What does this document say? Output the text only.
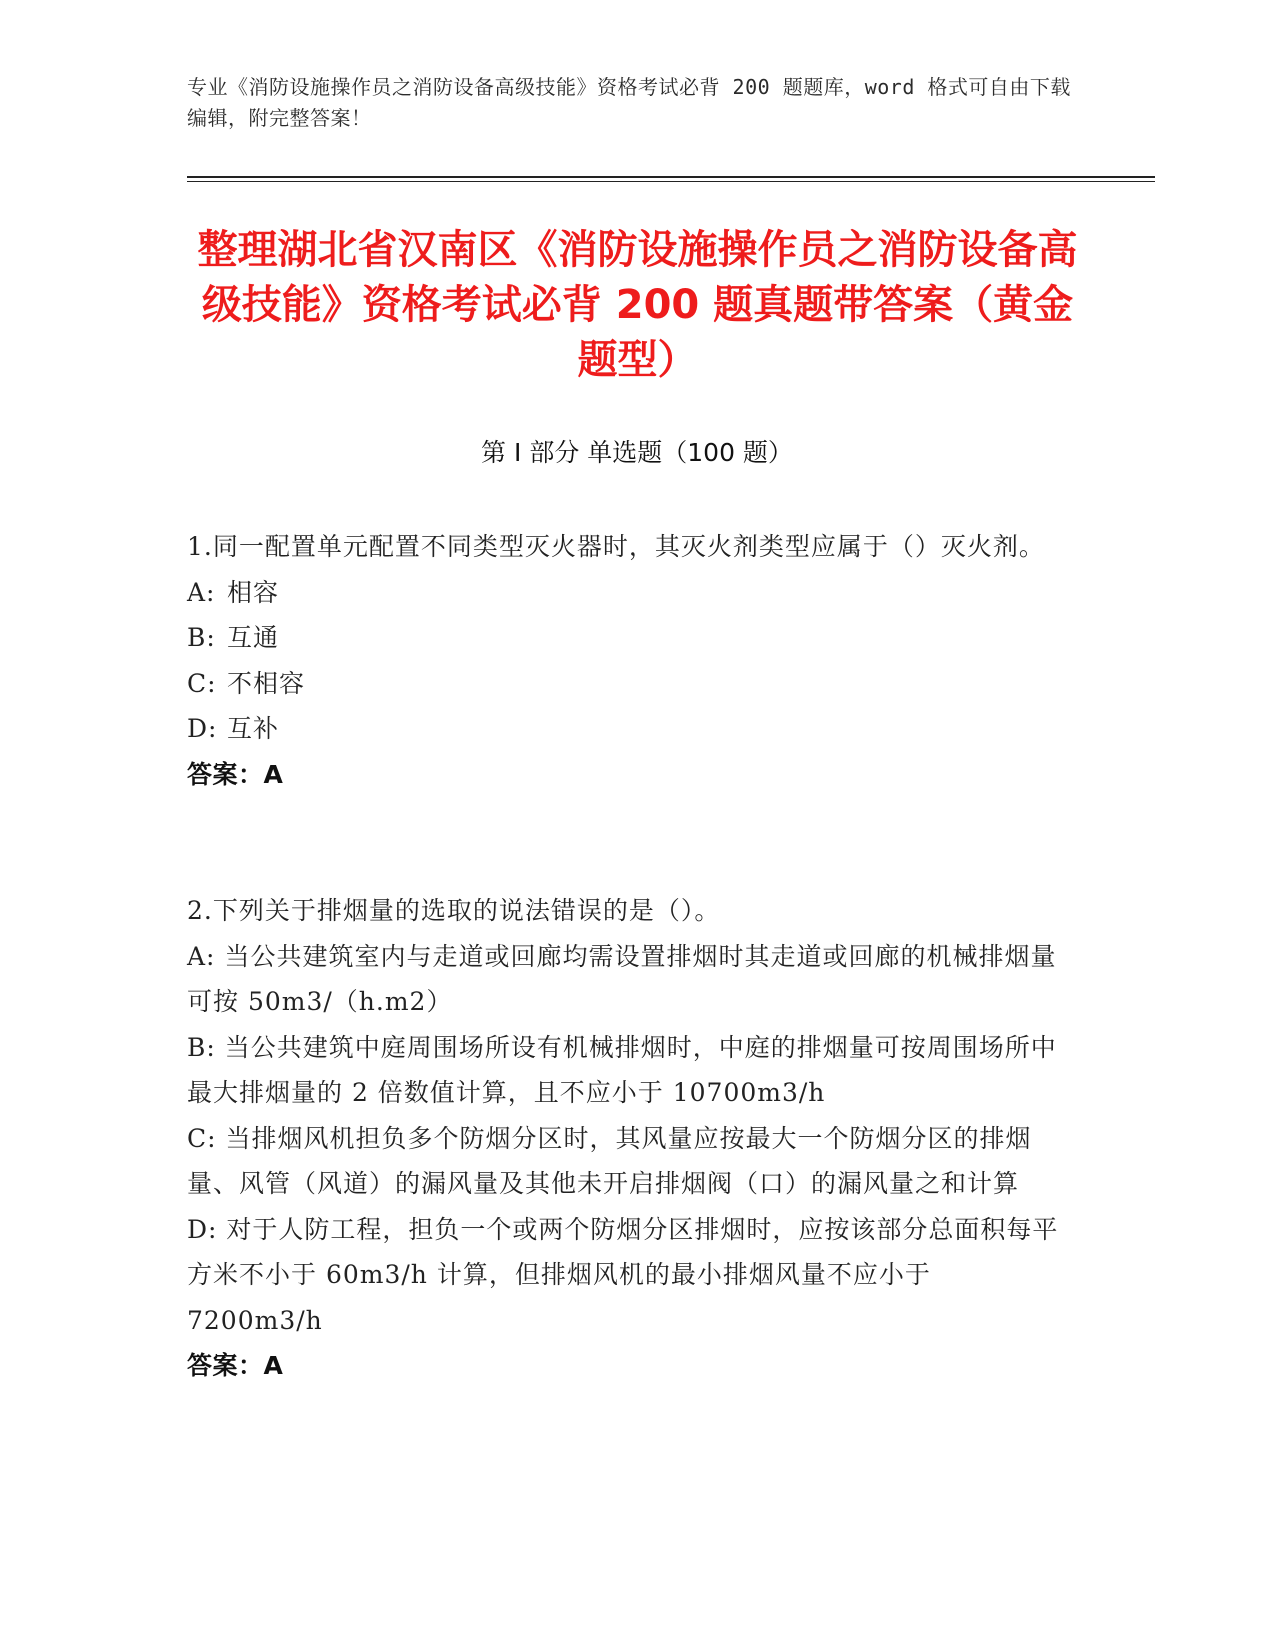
专业《消防设施操作员之消防设备高级技能》资格考试必背 200 题题库，word 格式可自由下载编辑，附完整答案！
整理湖北省汉南区《消防设施操作员之消防设备高级技能》资格考试必背 200 题真题带答案（黄金题型）
第 I 部分 单选题（100 题）

1.同一配置单元配置不同类型灭火器时，其灭火剂类型应属于（）灭火剂。

A: 相容

B: 互通

C: 不相容

D: 互补

答案：A

2.下列关于排烟量的选取的说法错误的是（）。

A: 当公共建筑室内与走道或回廊均需设置排烟时其走道或回廊的机械排烟量可按 50m3/（h.m2）

B: 当公共建筑中庭周围场所设有机械排烟时，中庭的排烟量可按周围场所中最大排烟量的 2 倍数值计算，且不应小于 10700m3/h

C: 当排烟风机担负多个防烟分区时，其风量应按最大一个防烟分区的排烟量、风管（风道）的漏风量及其他未开启排烟阀（口）的漏风量之和计算

D: 对于人防工程，担负一个或两个防烟分区排烟时，应按该部分总面积每平方米不小于 60m3/h 计算，但排烟风机的最小排烟风量不应小于 7200m3/h

答案：A
